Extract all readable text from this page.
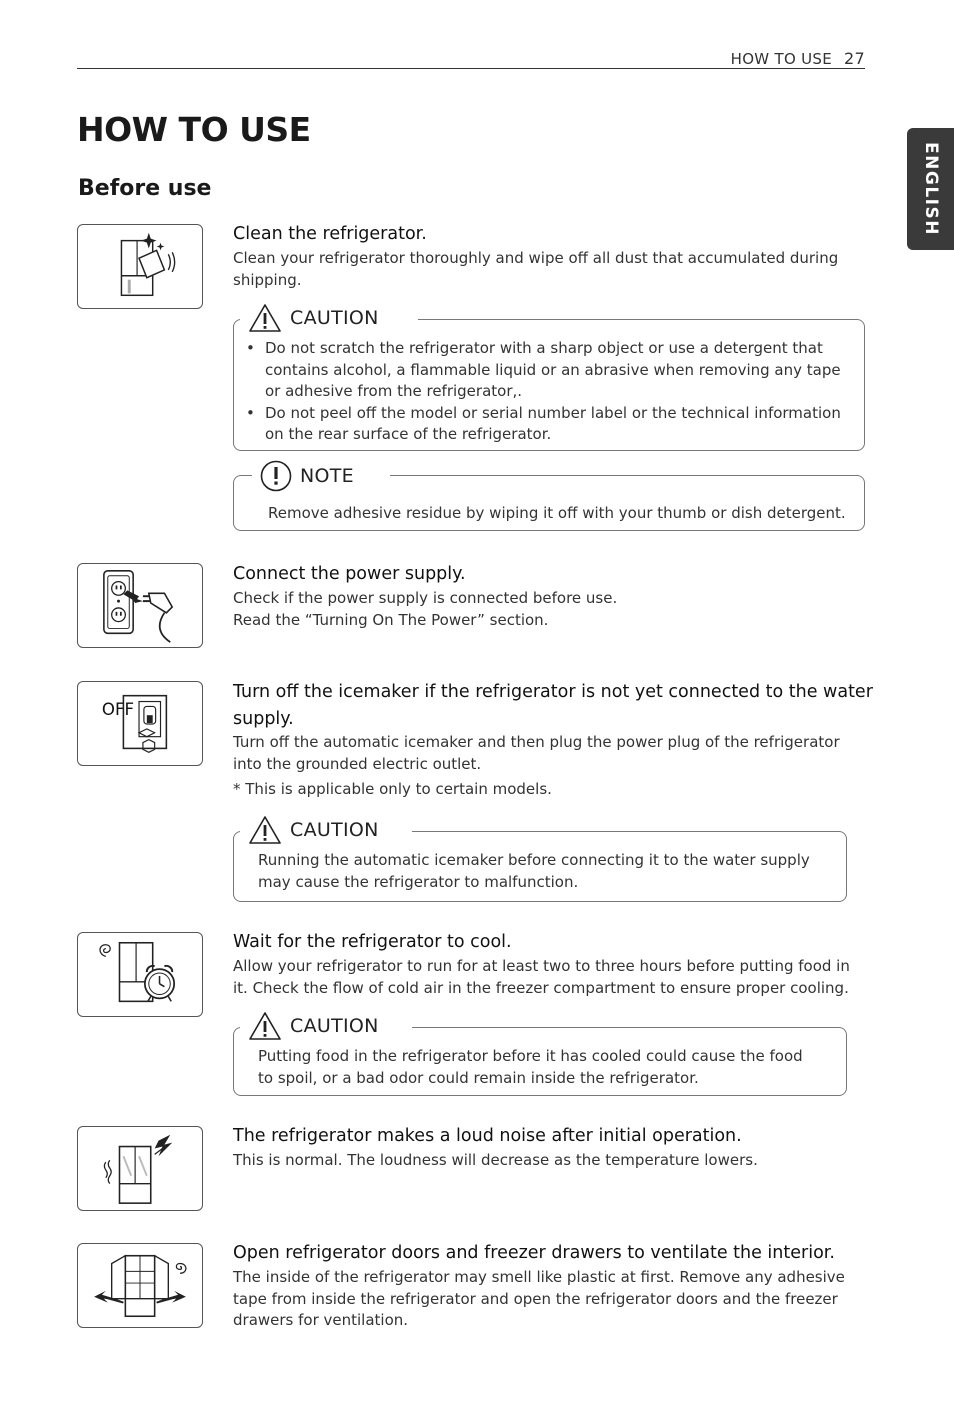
HOW TO USE 27
ENGLISH
HOW TO USE
Before use

Clean the refrigerator.

Clean your refrigerator thoroughly and wipe off all dust that accumulated during shipping.

CAUTION
• Do not scratch the refrigerator with a sharp object or use a detergent that contains alcohol, a flammable liquid or an abrasive when removing any tape or adhesive from the refrigerator,.
• Do not peel off the model or serial number label or the technical information on the rear surface of the refrigerator.
NOTE
Remove adhesive residue by wiping it off with your thumb or dish detergent.

Connect the power supply.

Check if the power supply is connected before use.
Read the “Turning On The Power” section.

OFF

Turn off the icemaker if the refrigerator is not yet connected to the water supply.

Turn off the automatic icemaker and then plug the power plug of the refrigerator into the grounded electric outlet.

* This is applicable only to certain models.

CAUTION
Running the automatic icemaker before connecting it to the water supply may cause the refrigerator to malfunction.

Wait for the refrigerator to cool.

Allow your refrigerator to run for at least two to three hours before putting food in it. Check the flow of cold air in the freezer compartment to ensure proper cooling.

CAUTION
Putting food in the refrigerator before it has cooled could cause the food to spoil, or a bad odor could remain inside the refrigerator.

The refrigerator makes a loud noise after initial operation.

This is normal. The loudness will decrease as the temperature lowers.

Open refrigerator doors and freezer drawers to ventilate the interior.

The inside of the refrigerator may smell like plastic at first. Remove any adhesive tape from inside the refrigerator and open the refrigerator doors and the freezer drawers for ventilation.
